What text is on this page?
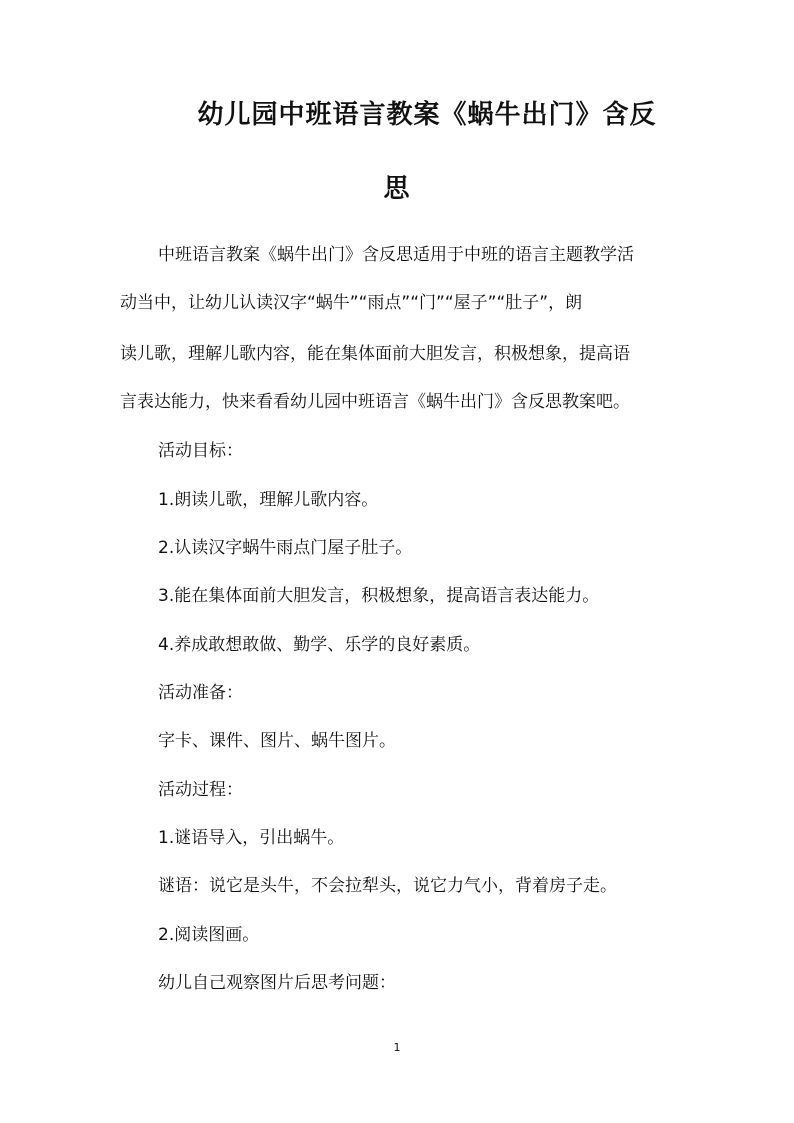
幼儿园中班语言教案《蜗牛出门》含反
思
中班语言教案《蜗牛出门》含反思适用于中班的语言主题教学活
动当中，让幼儿认读汉字“蜗牛”“雨点”“门”“屋子”“肚子”，朗
读儿歌，理解儿歌内容，能在集体面前大胆发言，积极想象，提高语
言表达能力，快来看看幼儿园中班语言《蜗牛出门》含反思教案吧。
活动目标：
1.朗读儿歌，理解儿歌内容。
2.认读汉字蜗牛雨点门屋子肚子。
3.能在集体面前大胆发言，积极想象，提高语言表达能力。
4.养成敢想敢做、勤学、乐学的良好素质。
活动准备：
字卡、课件、图片、蜗牛图片。
活动过程：
1.谜语导入，引出蜗牛。
谜语：说它是头牛，不会拉犁头，说它力气小，背着房子走。
2.阅读图画。
幼儿自己观察图片后思考问题：
1
